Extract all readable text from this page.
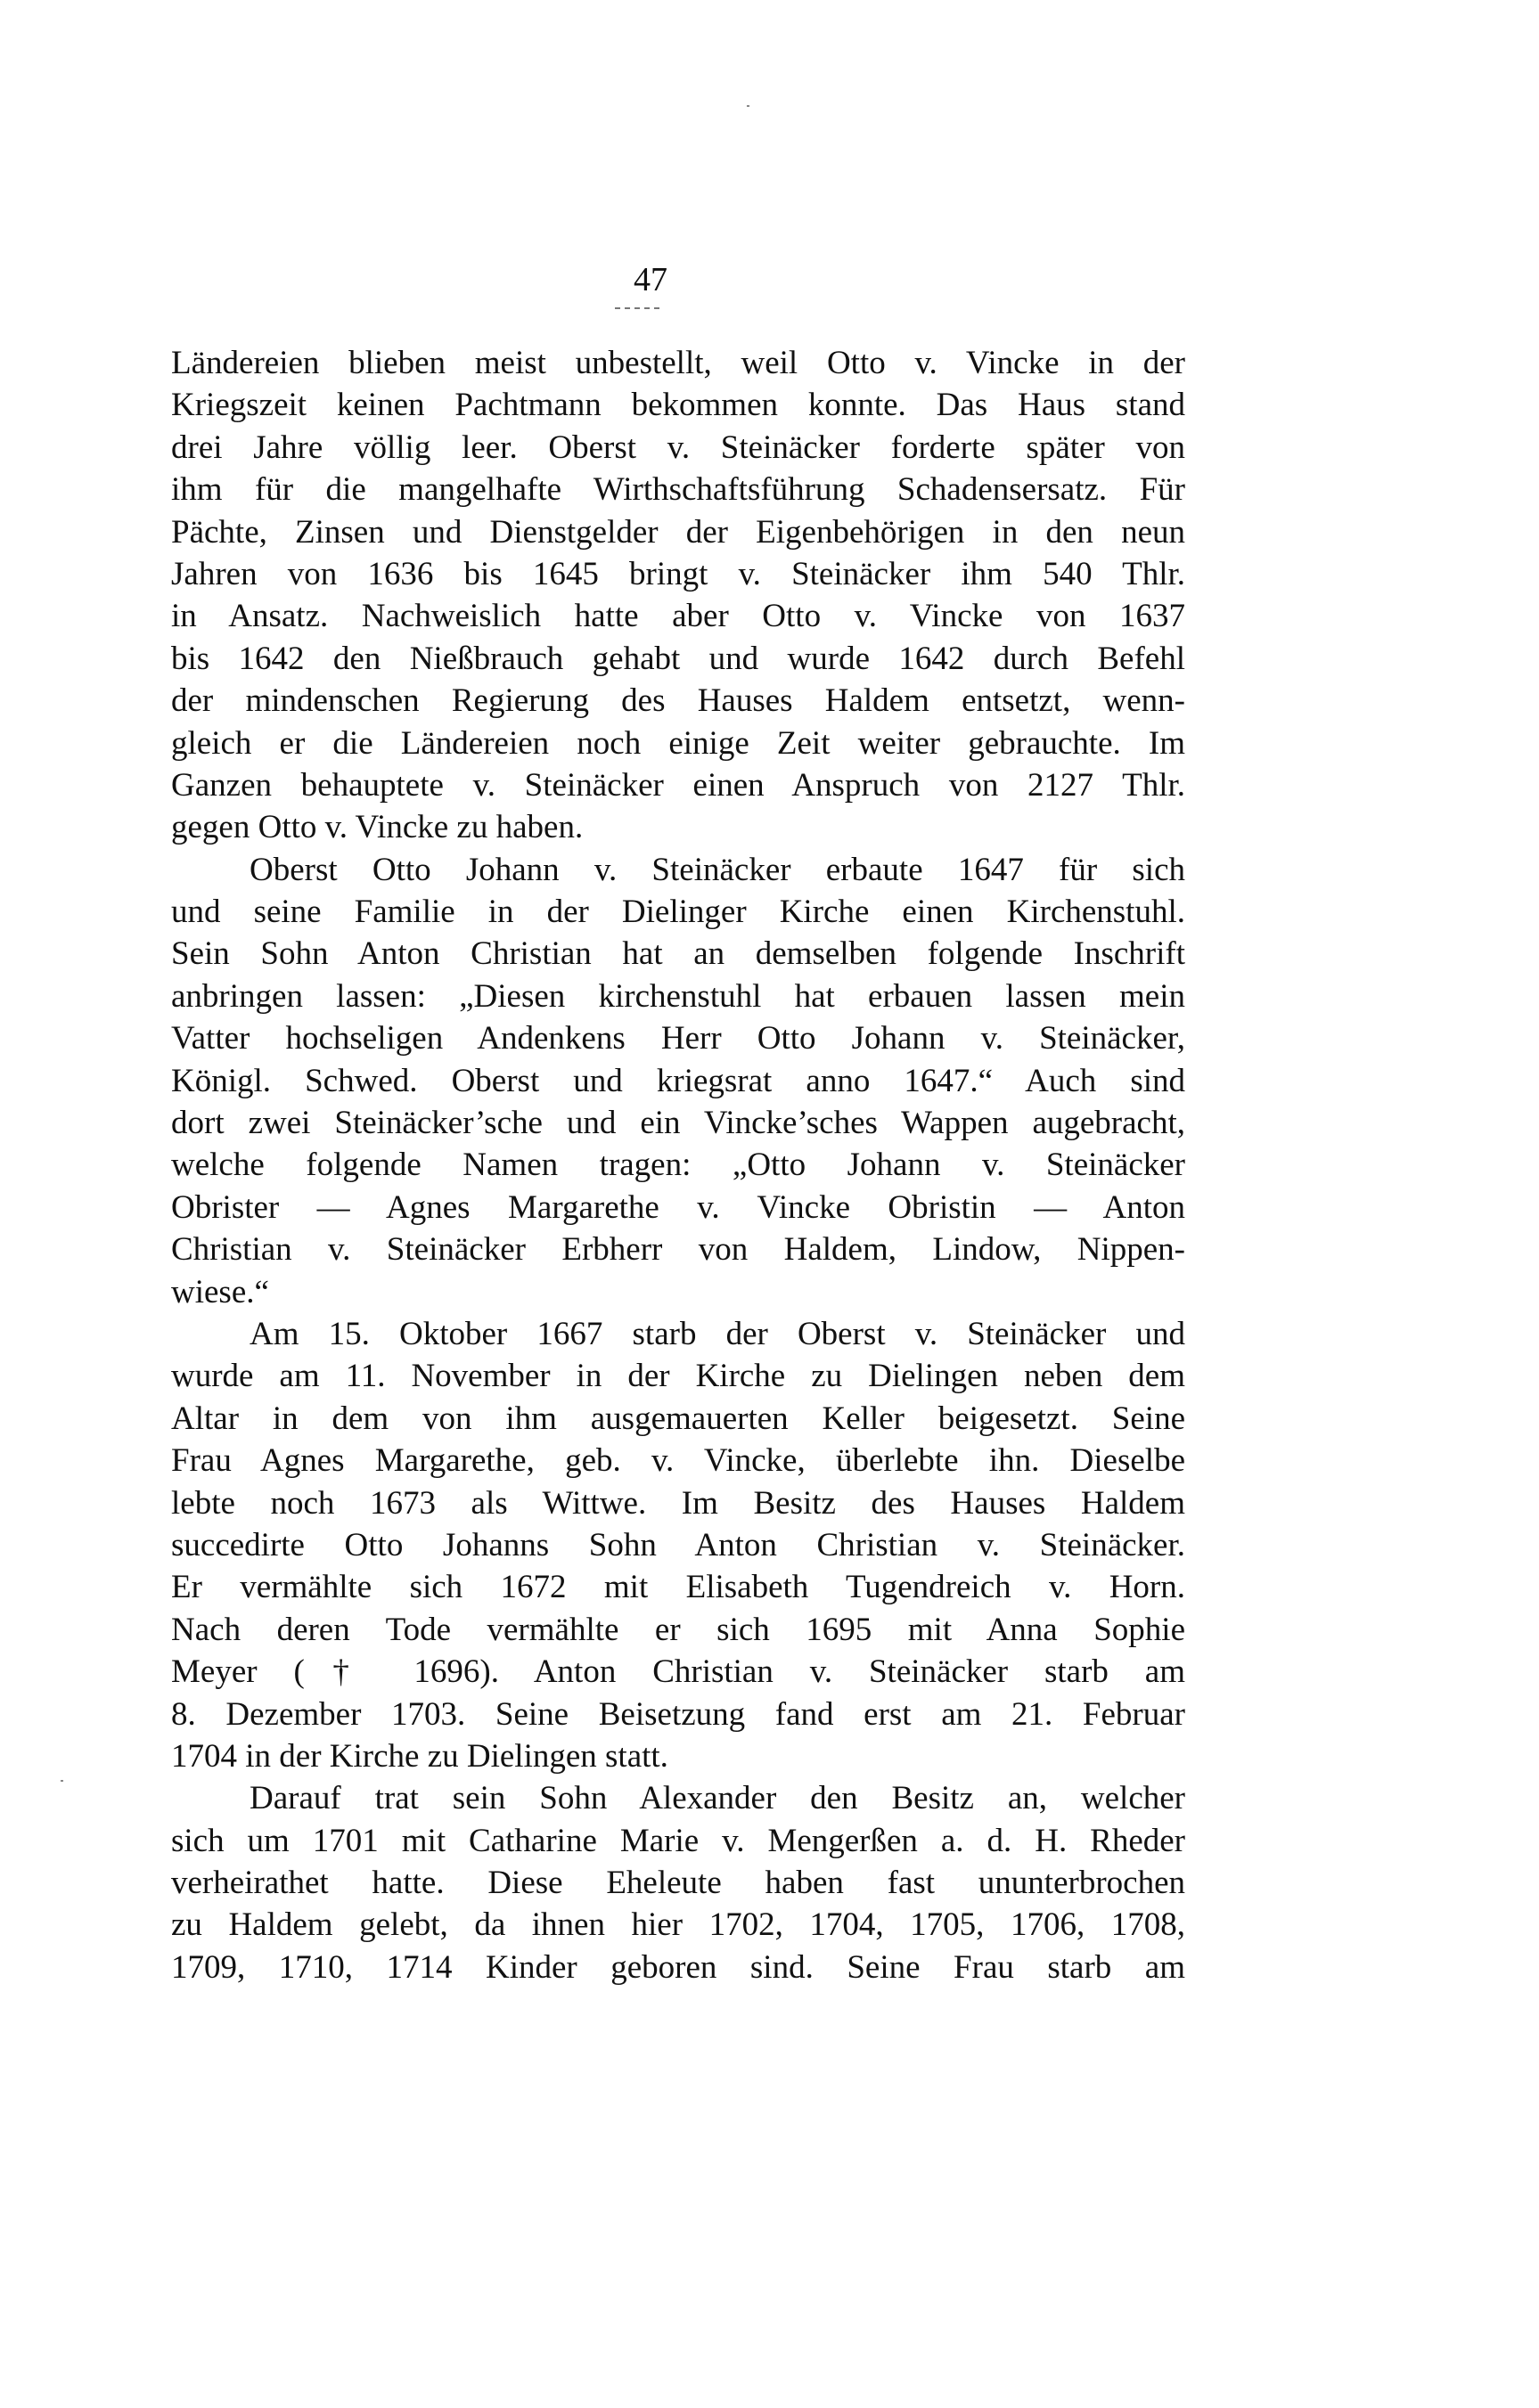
47
Ländereien blieben meist unbestellt, weil Otto v. Vincke in der
Kriegszeit keinen Pachtmann bekommen konnte. Das Haus stand
drei Jahre völlig leer. Oberst v. Steinäcker forderte später von
ihm für die mangelhafte Wirthschaftsführung Schadensersatz. Für
Pächte, Zinsen und Dienstgelder der Eigenbehörigen in den neun
Jahren von 1636 bis 1645 bringt v. Steinäcker ihm 540 Thlr.
in Ansatz. Nachweislich hatte aber Otto v. Vincke von 1637
bis 1642 den Nießbrauch gehabt und wurde 1642 durch Befehl
der mindenschen Regierung des Hauses Haldem entsetzt, wenn-
gleich er die Ländereien noch einige Zeit weiter gebrauchte. Im
Ganzen behauptete v. Steinäcker einen Anspruch von 2127 Thlr.
gegen Otto v. Vincke zu haben.
Oberst Otto Johann v. Steinäcker erbaute 1647 für sich
und seine Familie in der Dielinger Kirche einen Kirchenstuhl.
Sein Sohn Anton Christian hat an demselben folgende Inschrift
anbringen lassen: „Diesen kirchenstuhl hat erbauen lassen mein
Vatter hochseligen Andenkens Herr Otto Johann v. Steinäcker,
Königl. Schwed. Oberst und kriegsrat anno 1647.“ Auch sind
dort zwei Steinäcker’sche und ein Vincke’sches Wappen augebracht,
welche folgende Namen tragen: „Otto Johann v. Steinäcker
Obrister — Agnes Margarethe v. Vincke Obristin — Anton
Christian v. Steinäcker Erbherr von Haldem, Lindow, Nippen-
wiese.“
Am 15. Oktober 1667 starb der Oberst v. Steinäcker und
wurde am 11. November in der Kirche zu Dielingen neben dem
Altar in dem von ihm ausgemauerten Keller beigesetzt. Seine
Frau Agnes Margarethe, geb. v. Vincke, überlebte ihn. Dieselbe
lebte noch 1673 als Wittwe. Im Besitz des Hauses Haldem
succedirte Otto Johanns Sohn Anton Christian v. Steinäcker.
Er vermählte sich 1672 mit Elisabeth Tugendreich v. Horn.
Nach deren Tode vermählte er sich 1695 mit Anna Sophie
Meyer († 1696). Anton Christian v. Steinäcker starb am
8. Dezember 1703. Seine Beisetzung fand erst am 21. Februar
1704 in der Kirche zu Dielingen statt.
Darauf trat sein Sohn Alexander den Besitz an, welcher
sich um 1701 mit Catharine Marie v. Mengerßen a. d. H. Rheder
verheirathet hatte. Diese Eheleute haben fast ununterbrochen
zu Haldem gelebt, da ihnen hier 1702, 1704, 1705, 1706, 1708,
1709, 1710, 1714 Kinder geboren sind. Seine Frau starb am
